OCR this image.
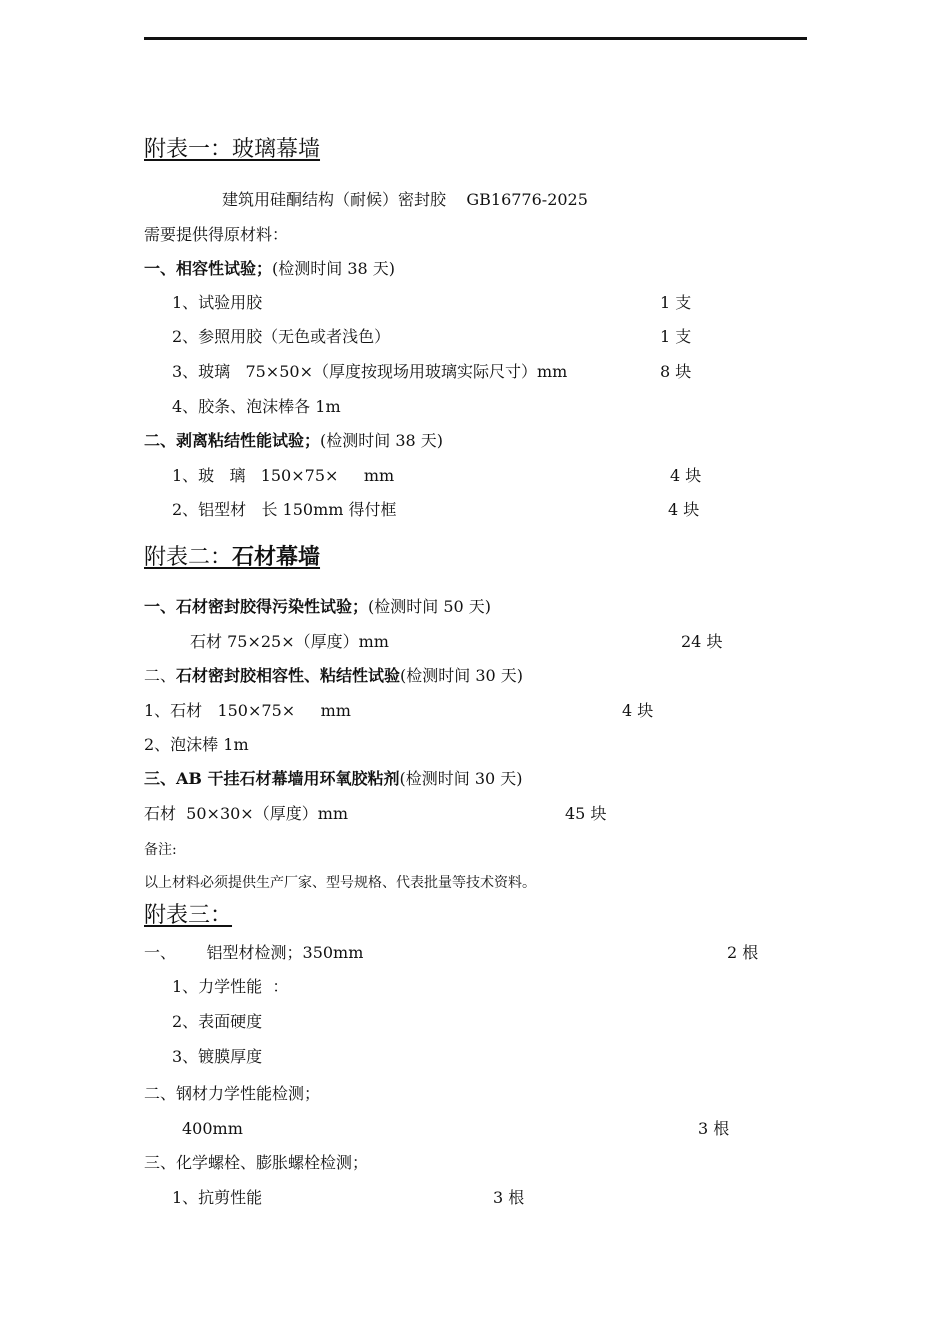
附表一：玻璃幕墙
建筑用硅酮结构（耐候）密封胶    GB16776-2025
需要提供得原材料：
一、相容性试验；(检测时间 38 天)
1、试验用胶	1 支
2、参照用胶（无色或者浅色）	1 支
3、玻璃   75×50×（厚度按现场用玻璃实际尺寸）mm	8 块
4、胶条、泡沫棒各 1m
二、剥离粘结性能试验；(检测时间 38 天)
1、玻   璃   150×75×     mm	4 块
2、铝型材   长 150mm 得付框	4 块
附表二：石材幕墙
一、石材密封胶得污染性试验；(检测时间 50 天)
石材 75×25×（厚度）mm	24 块
二、石材密封胶相容性、粘结性试验(检测时间 30 天)
1、石材   150×75×     mm	4 块
2、泡沫棒 1m
三、AB 干挂石材幕墙用环氧胶粘剂(检测时间 30 天)
石材  50×30×（厚度）mm	45 块
备注:
以上材料必须提供生产厂家、型号规格、代表批量等技术资料。
附表三：
一、      铝型材检测；350mm	2 根
1、力学性能  ：
2、表面硬度
3、镀膜厚度
二、钢材力学性能检测；
400mm	3 根
三、化学螺栓、膨胀螺栓检测；
1、抗剪性能	3 根
